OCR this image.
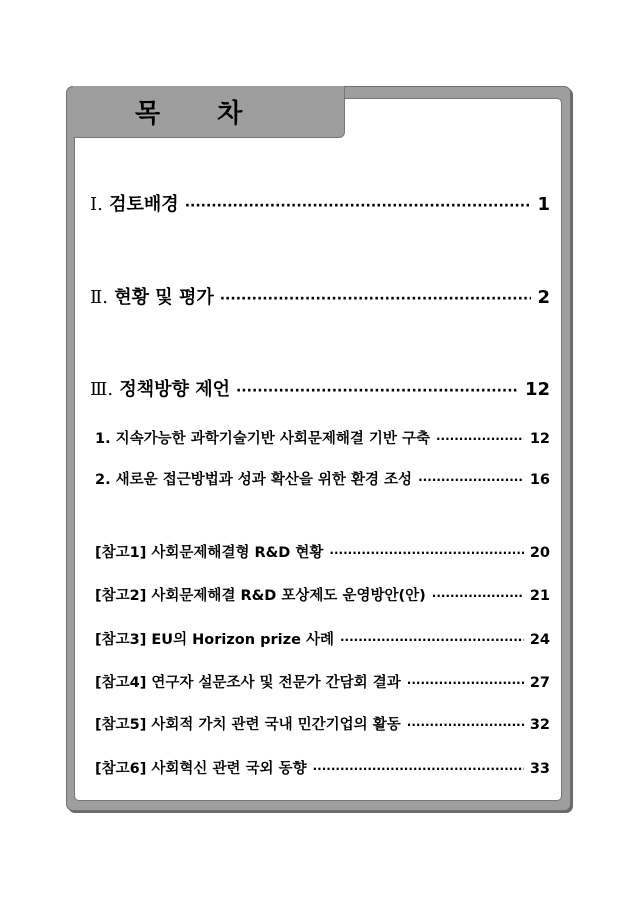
목 차
Ⅰ. 검토배경 ·····	1
Ⅱ. 현황 및 평가 ·····	2
Ⅲ. 정책방향 제언 ·····	12
1. 지속가능한 과학기술기반 사회문제해결 기반 구축 ·····	12
2. 새로운 접근방법과 성과 확산을 위한 환경 조성 ·····	16
[참고1] 사회문제해결형 R&D 현황 ·····	20
[참고2] 사회문제해결 R&D 포상제도 운영방안(안) ·····	21
[참고3] EU의 Horizon prize 사례 ·····	24
[참고4] 연구자 설문조사 및 전문가 간담회 결과 ·····	27
[참고5] 사회적 가치 관련 국내 민간기업의 활동 ·····	32
[참고6] 사회혁신 관련 국외 동향 ·····	33
